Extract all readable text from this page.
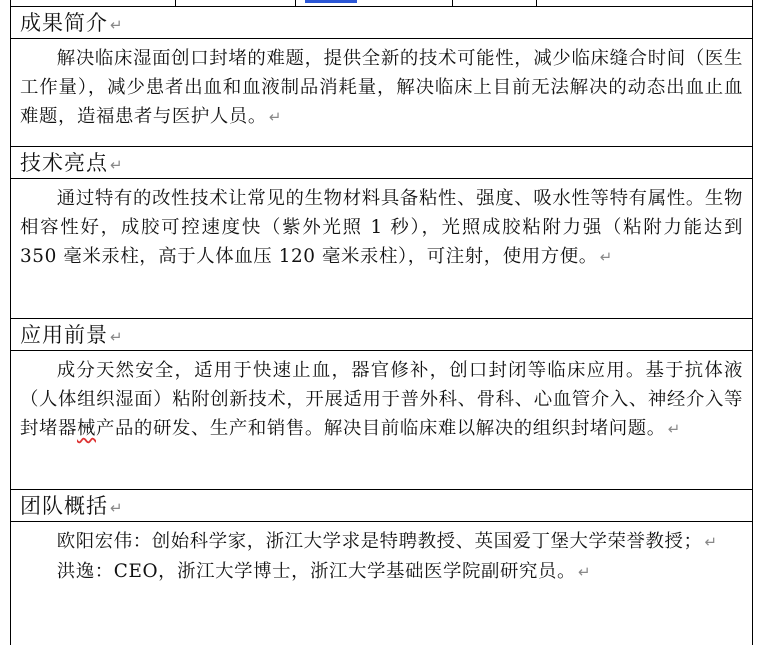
成果简介 ↵

解决临床湿面创口封堵的难题，提供全新的技术可能性，减少临床缝合时间（医生工作量），减少患者出血和血液制品消耗量，解决临床上目前无法解决的动态出血止血难题，造福患者与医护人员。 ↵

技术亮点 ↵

通过特有的改性技术让常见的生物材料具备粘性、强度、吸水性等特有属性。生物相容性好，成胶可控速度快（紫外光照 1 秒），光照成胶粘附力强（粘附力能达到 350 毫米汞柱，高于人体血压 120 毫米汞柱），可注射，使用方便。 ↵

应用前景 ↵

成分天然安全，适用于快速止血，器官修补，创口封闭等临床应用。基于抗体液（人体组织湿面）粘附创新技术，开展适用于普外科、骨科、心血管介入、神经介入等封堵器械产品的研发、生产和销售。解决目前临床难以解决的组织封堵问题。 ↵

团队概括 ↵

欧阳宏伟：创始科学家，浙江大学求是特聘教授、英国爱丁堡大学荣誉教授； ↵

洪逸：CEO，浙江大学博士，浙江大学基础医学院副研究员。 ↵
